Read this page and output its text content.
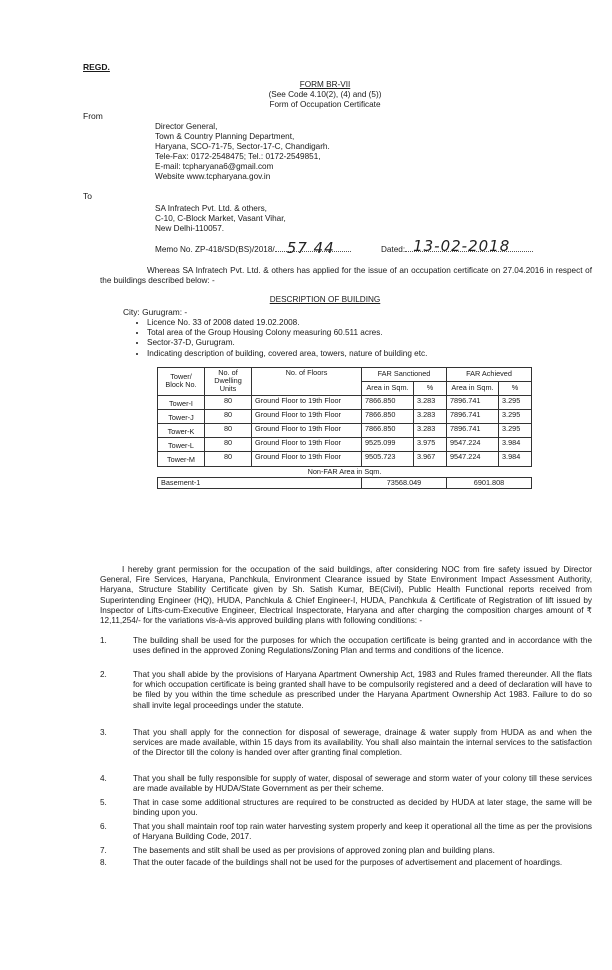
REGD.
FORM BR-VII
(See Code 4.10(2), (4) and (5))
Form of Occupation Certificate
From
Director General,
Town & Country Planning Department,
Haryana, SCO-71-75, Sector-17-C, Chandigarh.
Tele-Fax: 0172-2548475; Tel.: 0172-2549851,
E-mail: tcpharyana6@gmail.com
Website www.tcpharyana.gov.in
To
SA Infratech Pvt. Ltd. & others,
C-10, C-Block Market, Vasant Vihar,
New Delhi-110057.
Memo No. ZP-418/SD(BS)/2018/ 57 44	Dated: 13-02-2018
Whereas SA Infratech Pvt. Ltd. & others has applied for the issue of an occupation certificate on 27.04.2016 in respect of the buildings described below: -
DESCRIPTION OF BUILDING
City: Gurugram: -
• Licence No. 33 of 2008 dated 19.02.2008.
• Total area of the Group Housing Colony measuring 60.511 acres.
• Sector-37-D, Gurugram.
• Indicating description of building, covered area, towers, nature of building etc.
Tower/ Block No.	No. of Dwelling Units	No. of Floors	FAR Sanctioned		FAR Achieved	
			Area in Sqm.	%	Area in Sqm.	%
Tower-I	80	Ground Floor to 19th Floor	7866.850	3.283	7896.741	3.295
Tower-J	80	Ground Floor to 19th Floor	7866.850	3.283	7896.741	3.295
Tower-K	80	Ground Floor to 19th Floor	7866.850	3.283	7896.741	3.295
Tower-L	80	Ground Floor to 19th Floor	9525.099	3.975	9547.224	3.984
Tower-M	80	Ground Floor to 19th Floor	9505.723	3.967	9547.224	3.984
Non-FAR Area in Sqm.						
Basement-1			73568.049		6901.808	
I hereby grant permission for the occupation of the said buildings, after considering NOC from fire safety issued by Director General, Fire Services, Haryana, Panchkula, Environment Clearance issued by State Environment Impact Assessment Authority, Haryana, Structure Stability Certificate given by Sh. Satish Kumar, BE(Civil), Public Health Functional reports received from Superintending Engineer (HQ), HUDA, Panchkula & Chief Engineer-I, HUDA, Panchkula & Certificate of Registration of lift issued by Inspector of Lifts-cum-Executive Engineer, Electrical Inspectorate, Haryana and after charging the composition charges amount of ₹ 12,11,254/- for the variations vis-à-vis approved building plans with following conditions: -
1.	The building shall be used for the purposes for which the occupation certificate is being granted and in accordance with the uses defined in the approved Zoning Regulations/Zoning Plan and terms and conditions of the licence.
2.	That you shall abide by the provisions of Haryana Apartment Ownership Act, 1983 and Rules framed thereunder. All the flats for which occupation certificate is being granted shall have to be compulsorily registered and a deed of declaration will have to be filed by you within the time schedule as prescribed under the Haryana Apartment Ownership Act 1983. Failure to do so shall invite legal proceedings under the statute.
3.	That you shall apply for the connection for disposal of sewerage, drainage & water supply from HUDA as and when the services are made available, within 15 days from its availability. You shall also maintain the internal services to the satisfaction of the Director till the colony is handed over after granting final completion.
4.	That you shall be fully responsible for supply of water, disposal of sewerage and storm water of your colony till these services are made available by HUDA/State Government as per their scheme.
5.	That in case some additional structures are required to be constructed as decided by HUDA at later stage, the same will be binding upon you.
6.	That you shall maintain roof top rain water harvesting system properly and keep it operational all the time as per the provisions of Haryana Building Code, 2017.
7.	The basements and stilt shall be used as per provisions of approved zoning plan and building plans.
8.	That the outer facade of the buildings shall not be used for the purposes of advertisement and placement of hoardings.
